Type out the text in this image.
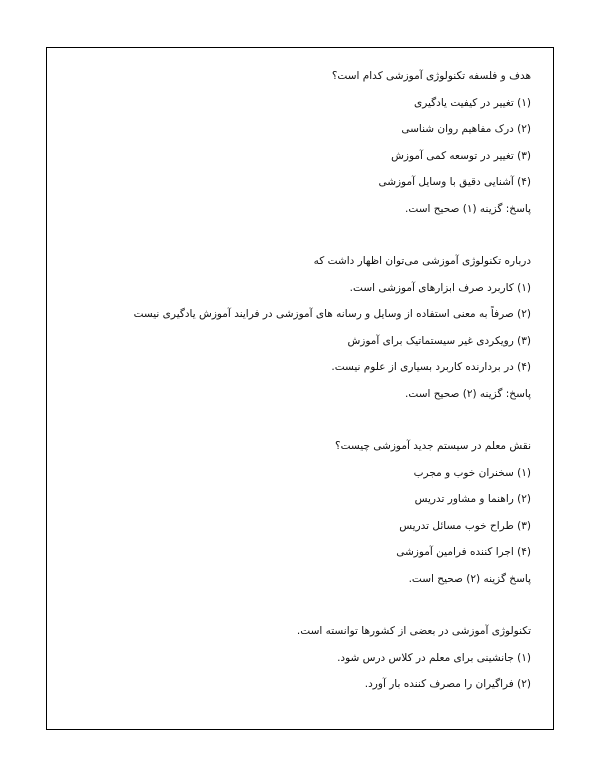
هدف و فلسفه تکنولوژی آموزشی کدام است؟
(۱) تغییر در کیفیت یادگیری
(۲) درک مفاهیم روان شناسی
(۳) تغییر در توسعه کمی آموزش
(۴) آشنایی دقیق با وسایل آموزشی
پاسخ: گزینه (۱) صحیح است.
درباره تکنولوژی آموزشی می‌توان اظهار داشت که
(۱) کاربرد صرف ابزارهای آموزشی است.
(۲) صرفاً به معنی استفاده از وسایل و رسانه های آموزشی در فرایند آموزش یادگیری نیست
(۳) رویکردی غیر سیستماتیک برای آموزش
(۴) در بردارنده کاربرد بسیاری از علوم نیست.
پاسخ: گزینه (۲) صحیح است.
نقش معلم در سیستم جدید آموزشی چیست؟
(۱) سخنران خوب و مجرب
(۲) راهنما و مشاور تدریس
(۳) طراح خوب مسائل تدریس
(۴) اجرا کننده فرامین آموزشی
پاسخ گزینه (۲) صحیح است.
تکنولوژی آموزشی در بعضی از کشورها توانسته است.
(۱) جانشینی برای معلم در کلاس درس شود.
(۲) فراگیران را مصرف کننده بار آورد.
